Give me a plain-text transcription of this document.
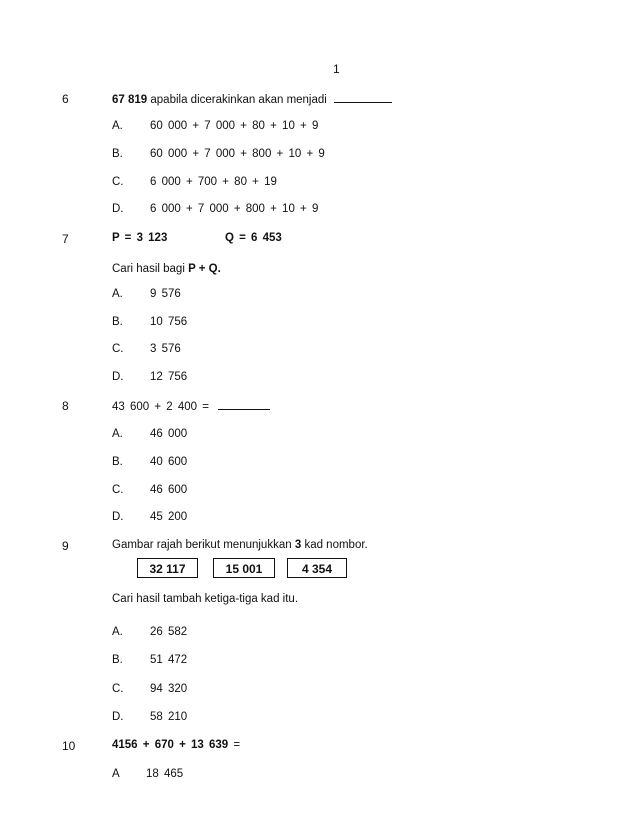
1
6	67 819 apabila dicerakinkan akan menjadi
A. 60 000 + 7 000 + 80 + 10 + 9
B. 60 000 + 7 000 + 800 + 10 + 9
C. 6 000 + 700 + 80 + 19
D. 6 000 + 7 000 + 800 + 10 + 9
7	P = 3 123	Q = 6 453
Cari hasil bagi P + Q.
A. 9 576
B. 10 756
C. 3 576
D. 12 756
8	43 600 + 2 400 =
A. 46 000
B. 40 600
C. 46 600
D. 45 200
9	Gambar rajah berikut menunjukkan 3 kad nombor.
32 117	15 001	4 354
Cari hasil tambah ketiga-tiga kad itu.
A. 26 582
B. 51 472
C. 94 320
D. 58 210
10	4156 + 670 + 13 639 =
A 18 465
